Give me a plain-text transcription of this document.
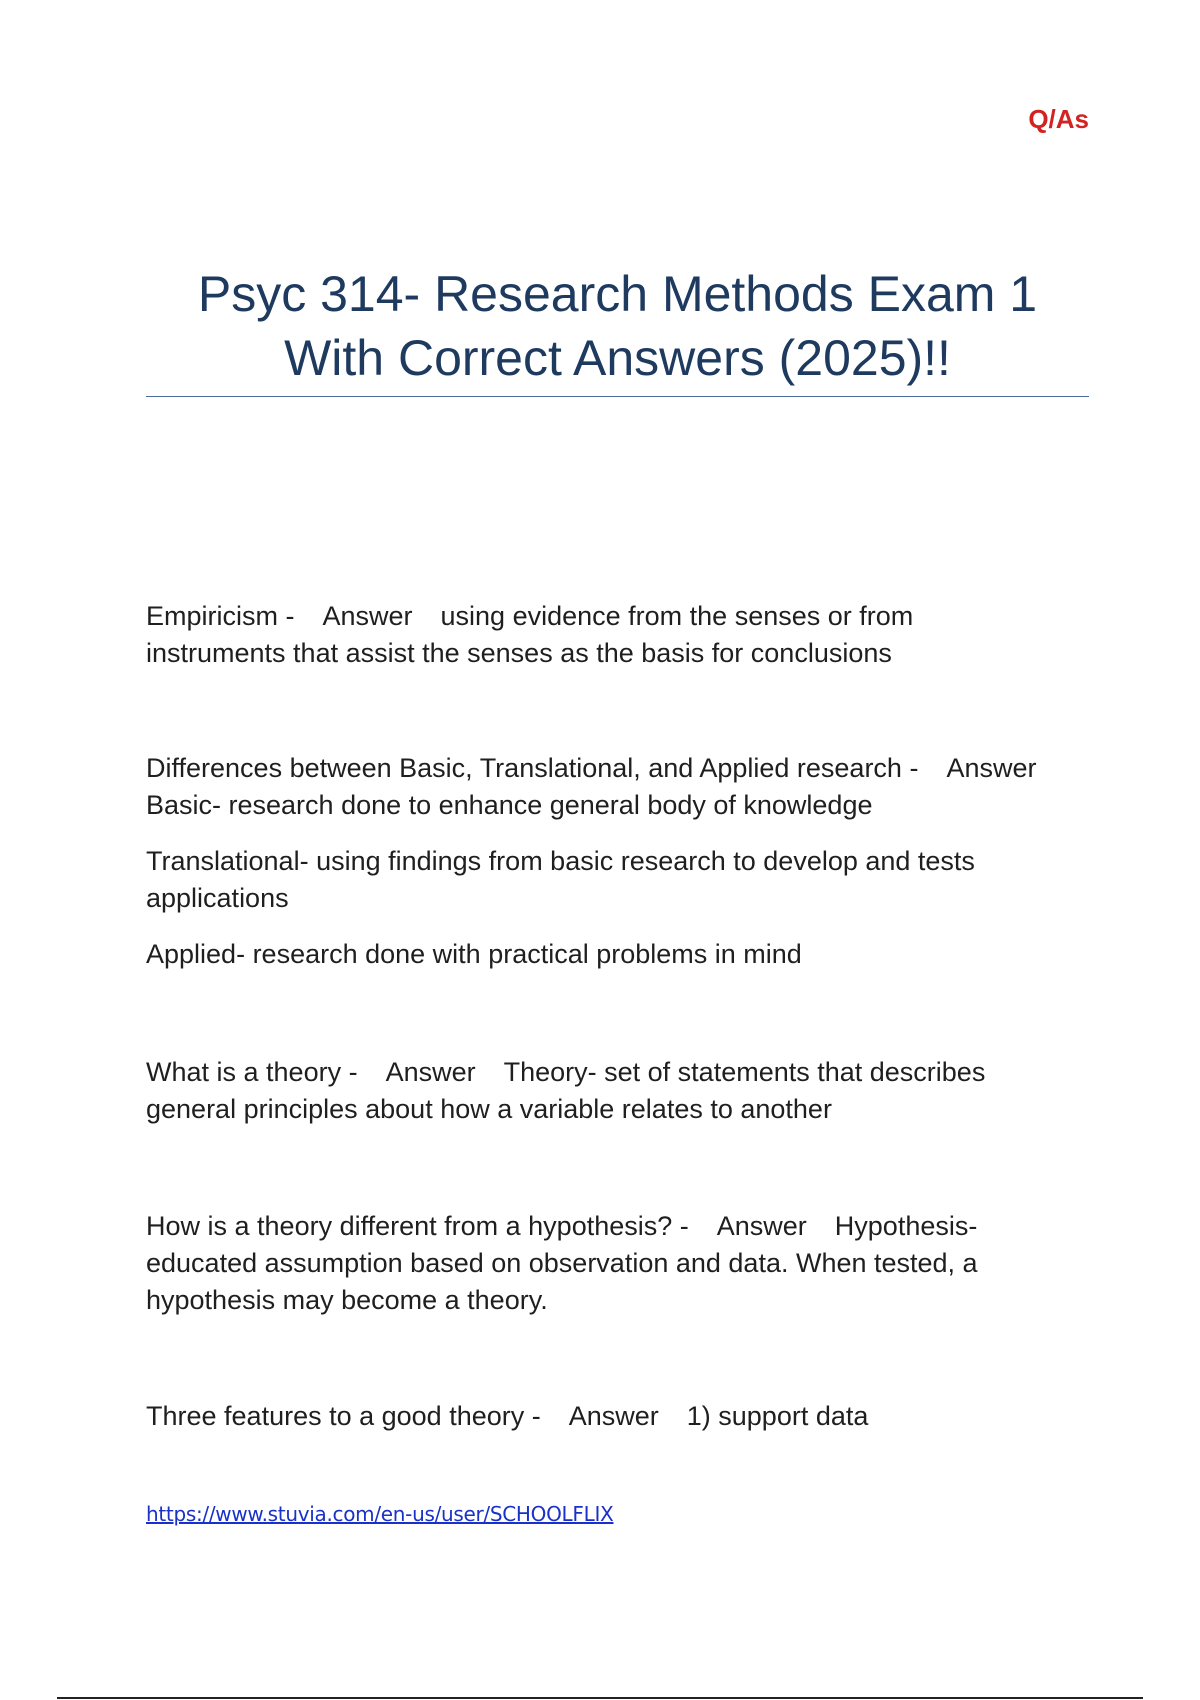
Q/As
Psyc 314- Research Methods Exam 1
With Correct Answers (2025)!!
Empiricism - Answer using evidence from the senses or from
instruments that assist the senses as the basis for conclusions
Differences between Basic, Translational, and Applied research - Answer
Basic- research done to enhance general body of knowledge
Translational- using findings from basic research to develop and tests
applications
Applied- research done with practical problems in mind
What is a theory - Answer Theory- set of statements that describes
general principles about how a variable relates to another
How is a theory different from a hypothesis? - Answer Hypothesis-
educated assumption based on observation and data. When tested, a
hypothesis may become a theory.
Three features to a good theory - Answer 1) support data
https://www.stuvia.com/en-us/user/SCHOOLFLIX
